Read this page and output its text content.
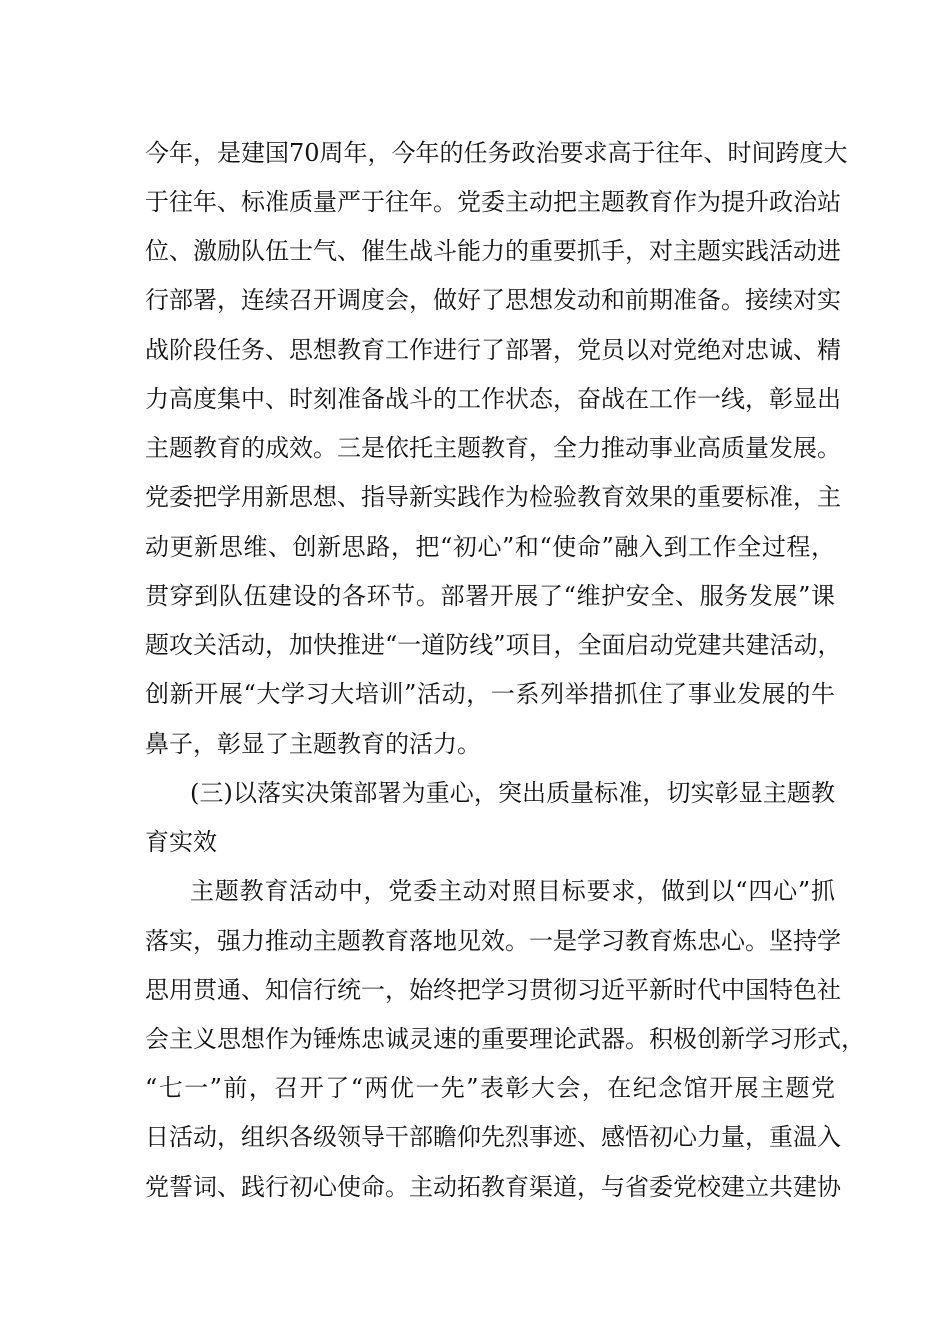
今年，是建国70周年，今年的任务政治要求高于往年、时间跨度大
于往年、标准质量严于往年。党委主动把主题教育作为提升政治站
位、激励队伍士气、催生战斗能力的重要抓手，对主题实践活动进
行部署，连续召开调度会，做好了思想发动和前期准备。接续对实
战阶段任务、思想教育工作进行了部署，党员以对党绝对忠诚、精
力高度集中、时刻准备战斗的工作状态，奋战在工作一线，彰显出
主题教育的成效。三是依托主题教育，全力推动事业高质量发展。
党委把学用新思想、指导新实践作为检验教育效果的重要标准，主
动更新思维、创新思路，把“初心”和“使命”融入到工作全过程，
贯穿到队伍建设的各环节。部署开展了“维护安全、服务发展”课
题攻关活动，加快推进“一道防线”项目，全面启动党建共建活动，
创新开展“大学习大培训”活动，一系列举措抓住了事业发展的牛
鼻子，彰显了主题教育的活力。
(三)以落实决策部署为重心，突出质量标准，切实彰显主题教
育实效
主题教育活动中，党委主动对照目标要求，做到以“四心”抓
落实，强力推动主题教育落地见效。一是学习教育炼忠心。坚持学
思用贯通、知信行统一，始终把学习贯彻习近平新时代中国特色社
会主义思想作为锤炼忠诚灵速的重要理论武器。积极创新学习形式，
“七一”前，召开了“两优一先”表彰大会，在纪念馆开展主题党
日活动，组织各级领导干部瞻仰先烈事迹、感悟初心力量，重温入
党誓词、践行初心使命。主动拓教育渠道，与省委党校建立共建协
